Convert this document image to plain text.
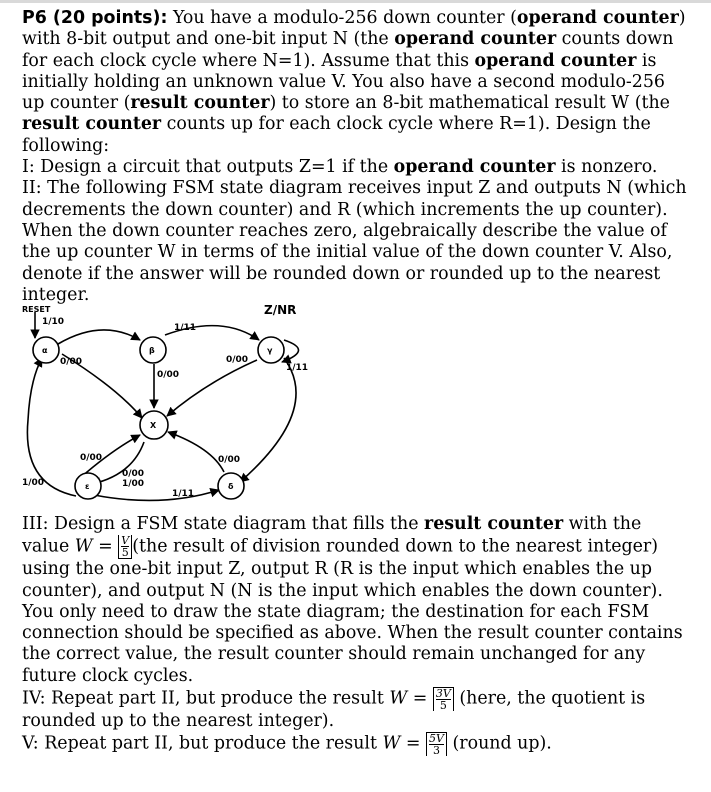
P6 (20 points): You have a modulo-256 down counter (operand counter) with 8-bit output and one-bit input N (the operand counter counts down for each clock cycle where N=1). Assume that this operand counter is initially holding an unknown value V. You also have a second modulo-256 up counter (result counter) to store an 8-bit mathematical result W (the result counter counts up for each clock cycle where R=1). Design the following:

I: Design a circuit that outputs Z=1 if the operand counter is nonzero.

II: The following FSM state diagram receives input Z and outputs N (which decrements the down counter) and R (which increments the up counter). When the down counter reaches zero, algebraically describe the value of the up counter W in terms of the initial value of the down counter V. Also, denote if the answer will be rounded down or rounded up to the nearest integer.

RESET	Z/NR
α	β	γ
X
ε	δ
1/10
1/11
1/11
0/00
0/00
0/00
0/00
1/00
0/00
1/00
1/11
0/00

III: Design a FSM state diagram that fills the result counter with the value $W = \frac{V}{5} (the$ result of division rounded down to the nearest integer) using the one-bit input Z, output R (R is the input which enables the up counter), and output N (N is the input which enables the down counter). You only need to draw the state diagram; the destination for each FSM connection should be specified as above. When the result counter contains the correct value, the result counter should remain unchanged for any future clock cycles.

IV: Repeat part II, but produce the result $W = \frac{3V}{5}$ (here, the quotient is rounded up to the nearest integer).

V: Repeat part II, but produce the result $W = \frac{5V}{3}$ (round up).
